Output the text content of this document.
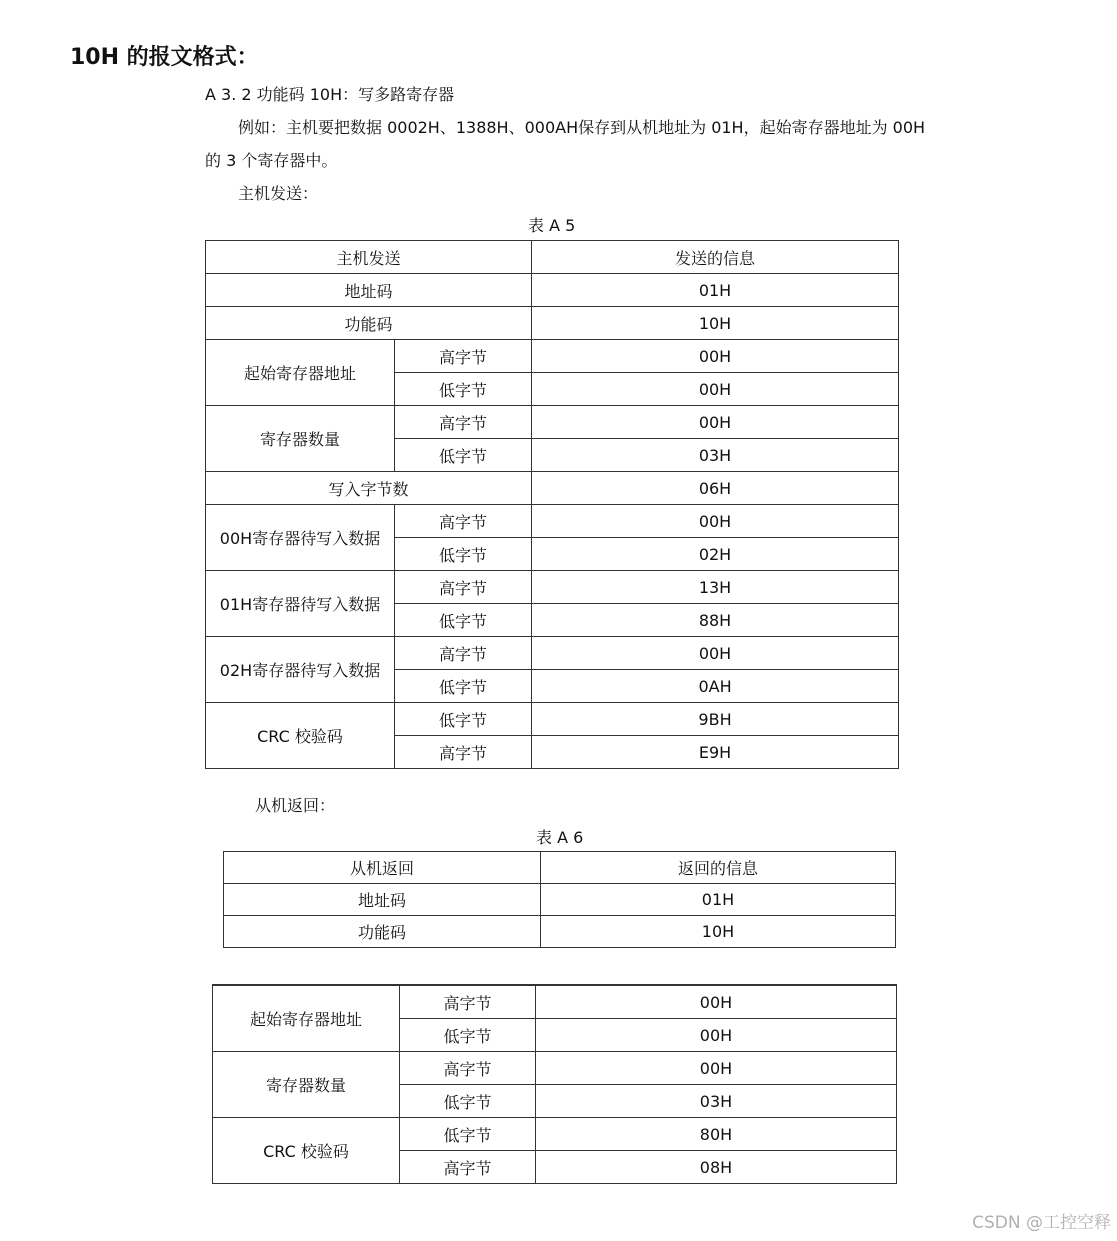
10H 的报文格式：
A 3. 2 功能码 10H：写多路寄存器
例如：主机要把数据 0002H、1388H、000AH保存到从机地址为 01H，起始寄存器地址为 00H
的 3 个寄存器中。
主机发送：
表 A 5
主机发送		发送的信息
地址码		01H
功能码		10H
起始寄存器地址	高字节	00H
	低字节	00H
寄存器数量	高字节	00H
	低字节	03H
写入字节数		06H
00H寄存器待写入数据	高字节	00H
	低字节	02H
01H寄存器待写入数据	高字节	13H
	低字节	88H
02H寄存器待写入数据	高字节	00H
	低字节	0AH
CRC 校验码	低字节	9BH
	高字节	E9H
从机返回：
表 A 6
从机返回	返回的信息
地址码	01H
功能码	10H
起始寄存器地址	高字节	00H
	低字节	00H
寄存器数量	高字节	00H
	低字节	03H
CRC 校验码	低字节	80H
	高字节	08H
CSDN @工控空释
